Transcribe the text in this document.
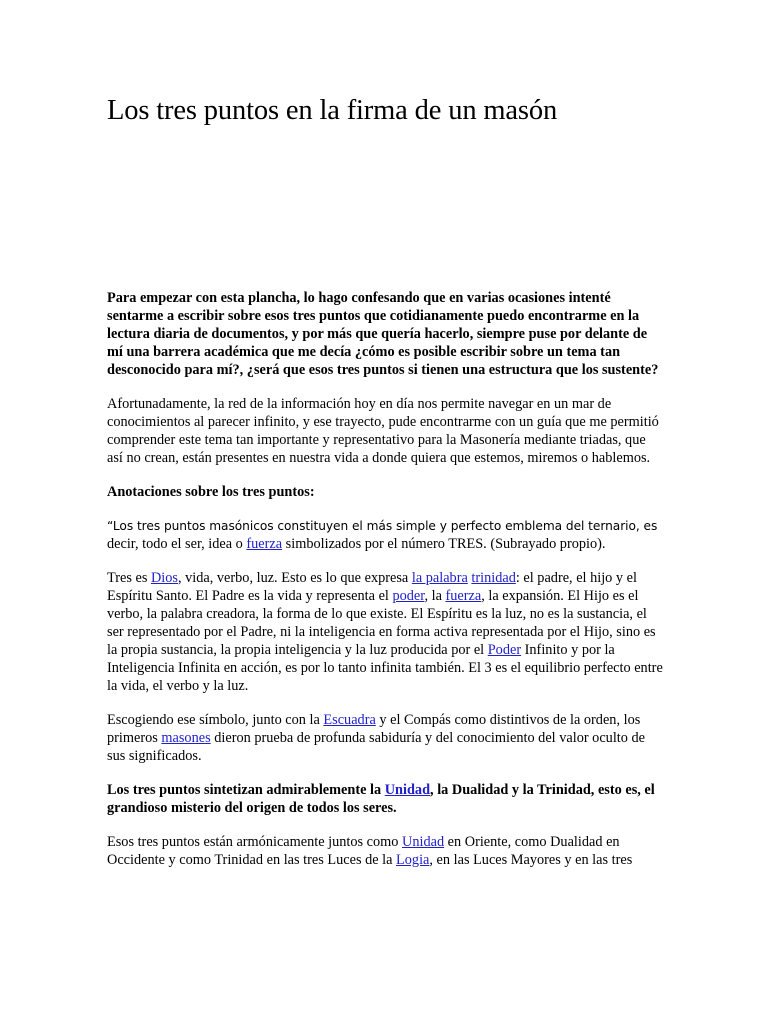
Los tres puntos en la firma de un masón

Para empezar con esta plancha, lo hago confesando que en varias ocasiones intenté sentarme a escribir sobre esos tres puntos que cotidianamente puedo encontrarme en la lectura diaria de documentos, y por más que quería hacerlo, siempre puse por delante de mí una barrera académica que me decía ¿cómo es posible escribir sobre un tema tan desconocido para mí?, ¿será que esos tres puntos si tienen una estructura que los sustente?

Afortunadamente, la red de la información hoy en día nos permite navegar en un mar de conocimientos al parecer infinito, y ese trayecto, pude encontrarme con un guía que me permitió comprender este tema tan importante y representativo para la Masonería mediante triadas, que así no crean, están presentes en nuestra vida a donde quiera que estemos, miremos o hablemos.

Anotaciones sobre los tres puntos:

“Los tres puntos masónicos constituyen el más simple y perfecto emblema del ternario, es decir, todo el ser, idea o fuerza simbolizados por el número TRES. (Subrayado propio).

Tres es Dios, vida, verbo, luz. Esto es lo que expresa la palabra trinidad: el padre, el hijo y el Espíritu Santo. El Padre es la vida y representa el poder, la fuerza, la expansión. El Hijo es el verbo, la palabra creadora, la forma de lo que existe. El Espíritu es la luz, no es la sustancia, el ser representado por el Padre, ni la inteligencia en forma activa representada por el Hijo, sino es la propia sustancia, la propia inteligencia y la luz producida por el Poder Infinito y por la Inteligencia Infinita en acción, es por lo tanto infinita también. El 3 es el equilibrio perfecto entre la vida, el verbo y la luz.

Escogiendo ese símbolo, junto con la Escuadra y el Compás como distintivos de la orden, los primeros masones dieron prueba de profunda sabiduría y del conocimiento del valor oculto de sus significados.

Los tres puntos sintetizan admirablemente la Unidad, la Dualidad y la Trinidad, esto es, el grandioso misterio del origen de todos los seres.

Esos tres puntos están armónicamente juntos como Unidad en Oriente, como Dualidad en Occidente y como Trinidad en las tres Luces de la Logia, en las Luces Mayores y en las tres
